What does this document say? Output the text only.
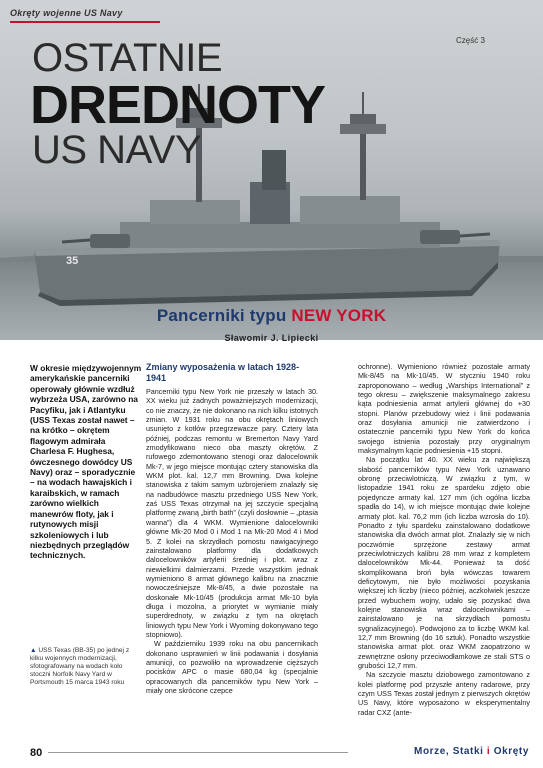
35
Okręty wojenne US Navy
Część 3
OSTATNIE
DREDNOTY
US NAVY
Pancerniki typu NEW YORK
Sławomir J. Lipiecki
W okresie międzywojennym amerykańskie pancerniki operowały głównie wzdłuż wybrzeża USA, zarówno na Pacyfiku, jak i Atlantyku (USS Texas został nawet – na krótko – okrętem flagowym admirała Charlesa F. Hughesa, ówczesnego dowódcy US Navy) oraz – sporadycznie – na wodach hawajskich i karaibskich, w ramach zarówno wielkich manewrów floty, jak i rutynowych misji szkoleniowych i lub niezbędnych przeglądów technicznych.
Zmiany wyposażenia w latach 1928-1941

Pancerniki typu New York nie przeszły w latach 30. XX wieku już żadnych poważniejszych modernizacji, co nie znaczy, że nie dokonano na nich kilku istotnych zmian. W 1931 roku na obu okrętach liniowych usunięto z kotłów przegrzewacze pary. Cztery lata później, podczas remontu w Bremerton Navy Yard zmodyfikowano nieco oba maszty okrętów. Z rufowego zdemontowano stenogi oraz dalocelownik Mk-7, w jego miejsce montując cztery stanowiska dla WKM plot. kal. 12,7 mm Browning. Dwa kolejne stanowiska z takim samym uzbrojeniem znalazły się na nadbudówce masztu przedniego USS New York, zaś USS Texas otrzymał na jej szczycie specjalną platformę zwaną „birth bath” (czyli dosłownie – „ptasia wanna”) dla 4 WKM. Wymienione dalocelowniki główne Mk-20 Mod 0 i Mod 1 na Mk-20 Mod 4 i Mod 5. Z kolei na skrzydłach pomostu nawigacyjnego zainstalowano platformy dla dodatkowych dalocelowników artylerii średniej i plot. wraz z niewielkimi dalmierzami. Przede wszystkim jednak wymieniono 8 armat głównego kalibru na znacznie nowocześniejsze Mk-8/45, a dwie pozostałe na doskonałe Mk-10/45 (produkcja armat Mk-10 była długa i mozolna, a priorytet w wymianie miały superdrednoty, w związku z tym na okrętach liniowych typu New York i Wyoming dokonywano tego stopniowo).

W październiku 1939 roku na obu pancernikach dokonano usprawnień w linii podawania i dosyłania amunicji, co pozwoliło na wprowadzenie cięższych pocisków APC o masie 680,04 kg (specjalnie opracowanych dla pancerników typu New York – miały one skrócone czepce

ochronne). Wymieniono również pozostałe armaty Mk-8/45 na Mk-10/45. W styczniu 1940 roku zaproponowano – według „Warships International” z tego okresu – zwiększenie maksymalnego zakresu kąta podniesienia armat artylerii głównej do +30 stopni. Planów przebudowy wież i linii podawania oraz dosyłania amunicji nie zatwierdzono i ostatecznie pancerniki typu New York do końca swojego istnienia pozostały przy oryginalnym maksymalnym kącie podniesienia +15 stopni.

Na początku lat 40. XX wieku za największą słabość pancerników typu New York uznawano obronę przeciwlotniczą. W związku z tym, w listopadzie 1941 roku ze spardeku zdjęto obie pojedyncze armaty kal. 127 mm (ich ogólna liczba spadła do 14), w ich miejsce montując dwie kolejne armaty plot. kal. 76,2 mm (ich liczba wzrosła do 10). Ponadto z tyłu spardeku zainstalowano dodatkowe stanowiska dla dwóch armat plot. Znalazły się w nich poczwórnie sprzężone zestawy armat przeciwlotniczych kalibru 28 mm wraz z kompletem dalocelowników Mk-44. Ponieważ ta dość skomplikowana broń była wówczas towarem deficytowym, nie było możliwości pozyskania większej ich liczby (nieco później, aczkolwiek jeszcze przed wybuchem wojny, udało się pozyskać dwa kolejne stanowiska wraz dalocelownikami – zainstalowano je na skrzydłach pomostu sygnalizacyjnego). Podwojono za to liczbę WKM kal. 12,7 mm Browning (do 16 sztuk). Ponadto wszystkie stanowiska armat plot. oraz WKM zaopatrzono w zewnętrzne osłony przeciwodłamkowe ze stali STS o grubości 12,7 mm.

Na szczycie masztu dziobowego zamontowano z kolei platformę pod przyszłe anteny radarowe, przy czym USS Texas został jednym z pierwszych okrętów US Navy, które wyposażono w eksperymentalny radar CXZ (ante-

▲ USS Texas (BB-35) po jednej z kilku wojennych modernizacji, sfotografowany na wodach koło stoczni Norfolk Navy Yard w Portsmouth 15 marca 1943 roku
80	Morze, Statki i Okręty
